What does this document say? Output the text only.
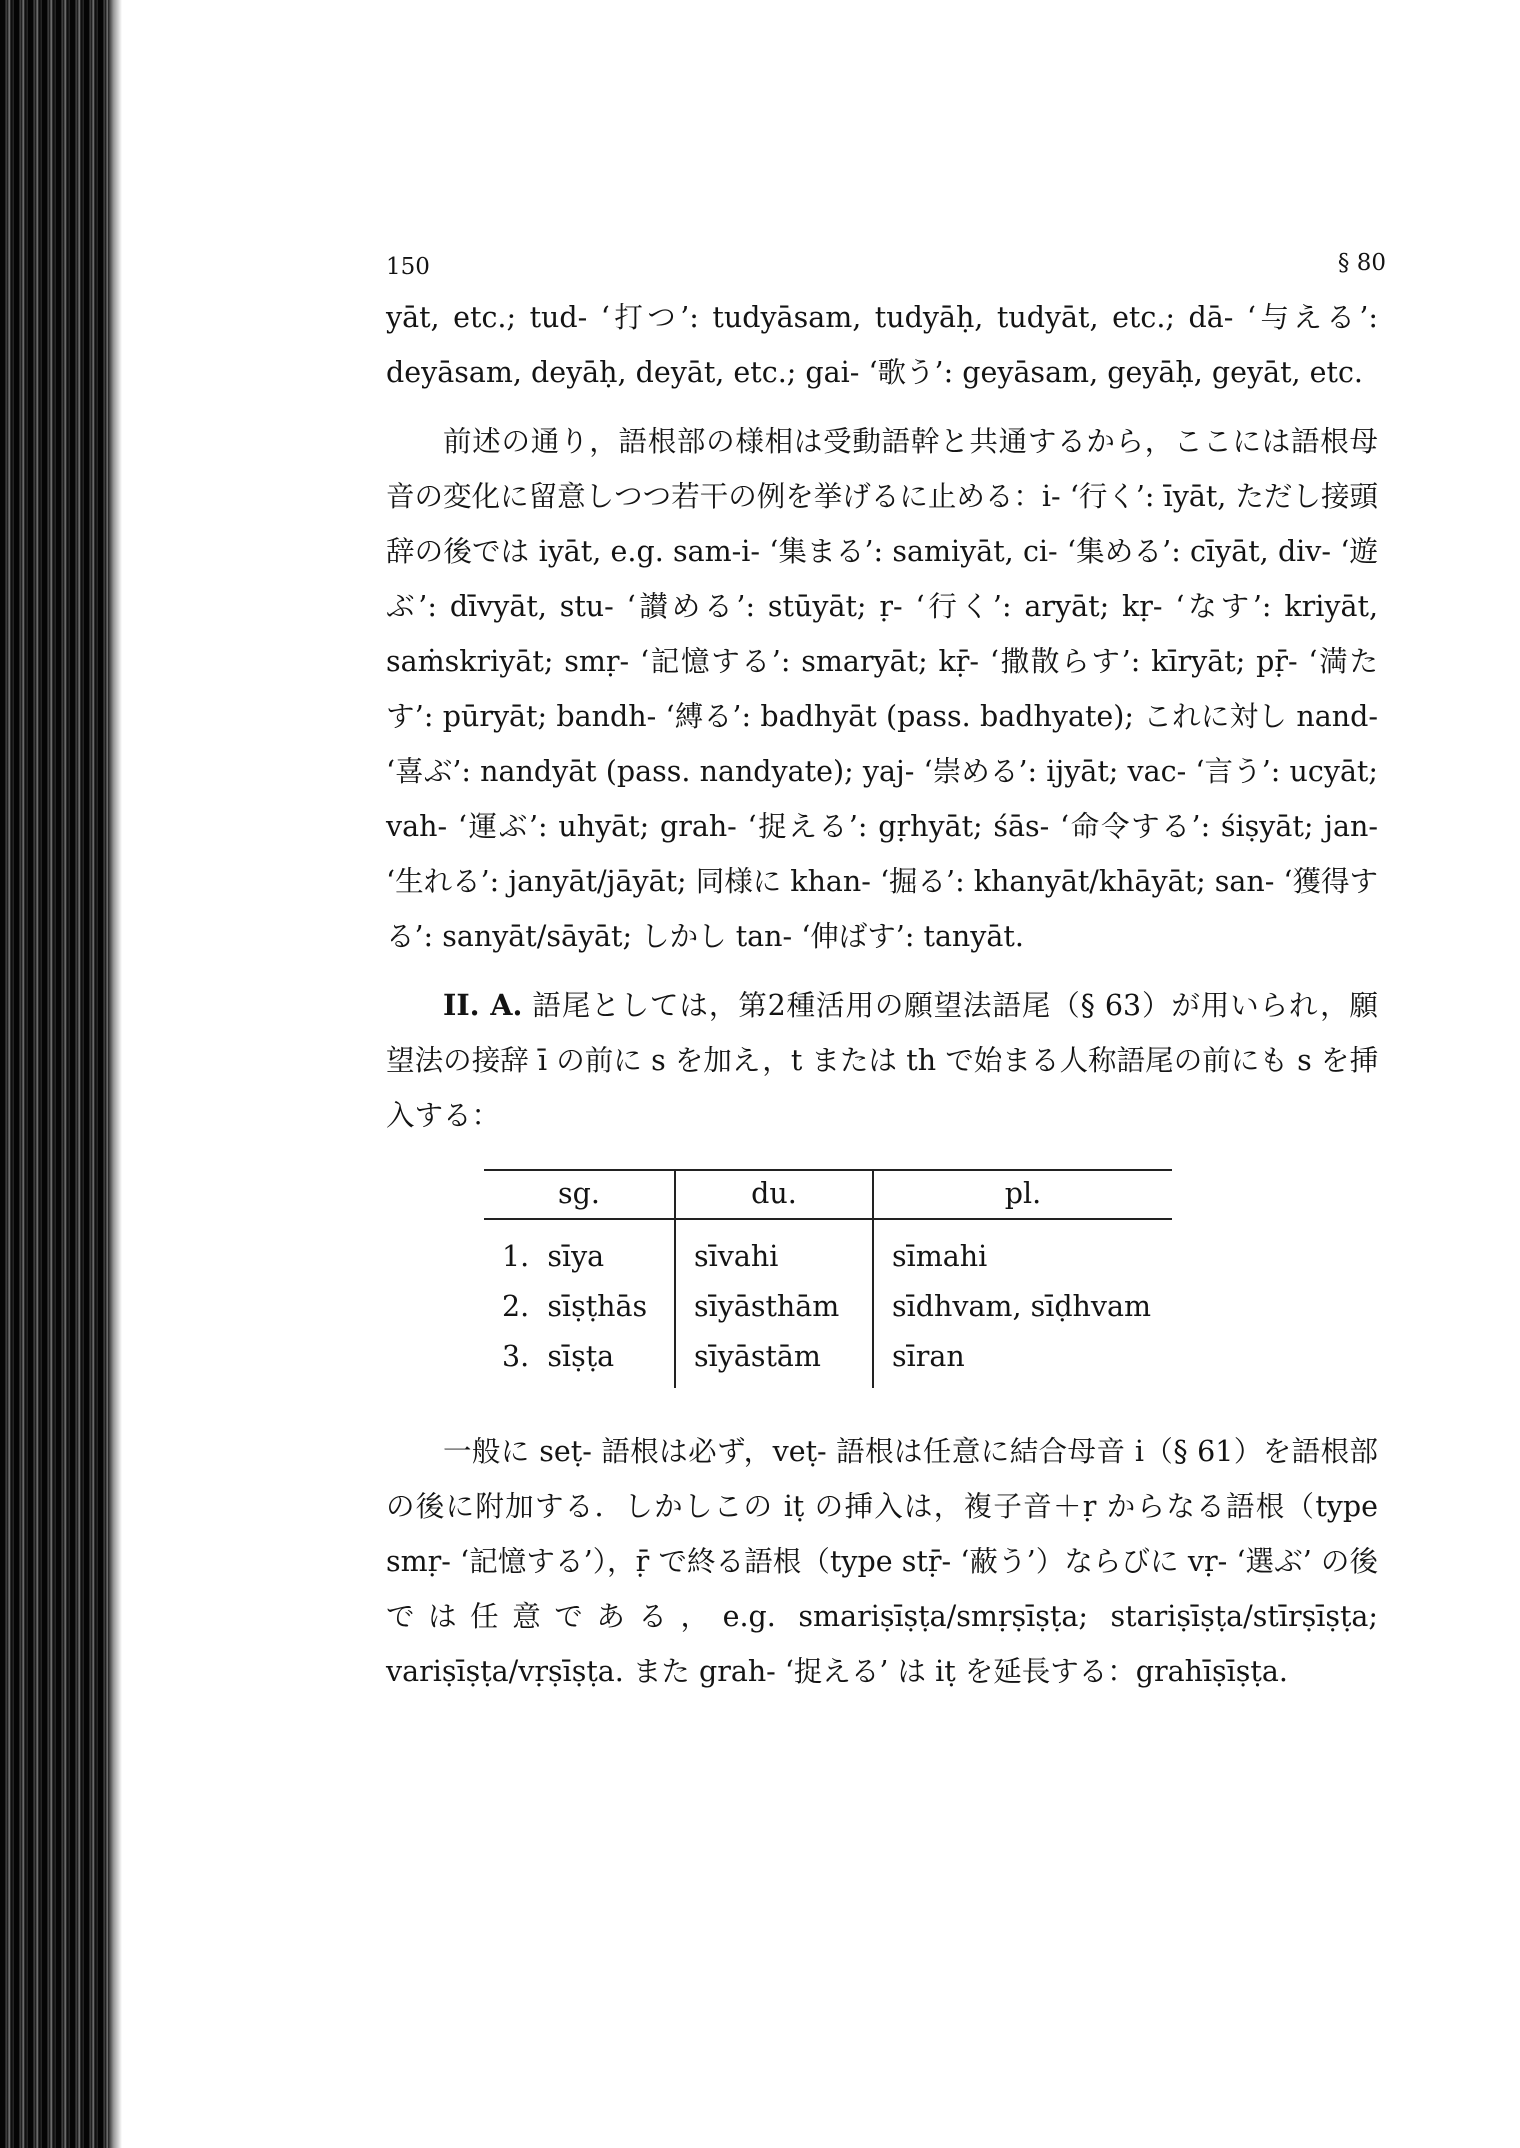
150	§ 80

yāt, etc.; tud- ‘打つ’: tudyāsam, tudyāḥ, tudyāt, etc.; dā- ‘与える’: deyāsam, deyāḥ, deyāt, etc.; gai- ‘歌う’: geyāsam, geyāḥ, geyāt, etc.

前述の通り，語根部の様相は受動語幹と共通するから，ここには語根母音の変化に留意しつつ若干の例を挙げるに止める：i- ‘行く’: īyāt, ただし接頭辞の後では iyāt, e.g. sam-i- ‘集まる’: samiyāt, ci- ‘集める’: cīyāt, div- ‘遊ぶ’: dīvyāt, stu- ‘讃める’: stūyāt; ṛ- ‘行く’: aryāt; kṛ- ‘なす’: kriyāt, saṁskriyāt; smṛ- ‘記憶する’: smaryāt; kṝ- ‘撒散らす’: kīryāt; pṝ- ‘満たす’: pūryāt; bandh- ‘縛る’: badhyāt (pass. badhyate); これに対し nand- ‘喜ぶ’: nandyāt (pass. nandyate); yaj- ‘崇める’: ijyāt; vac- ‘言う’: ucyāt; vah- ‘運ぶ’: uhyāt; grah- ‘捉える’: gṛhyāt; śās- ‘命令する’: śiṣyāt; jan- ‘生れる’: janyāt/jāyāt; 同様に khan- ‘掘る’: khanyāt/khāyāt; san- ‘獲得する’: sanyāt/sāyāt; しかし tan- ‘伸ばす’: tanyāt.

II. A. 語尾としては，第2種活用の願望法語尾（§ 63）が用いられ，願望法の接辞 ī の前に s を加え，t または th で始まる人称語尾の前にも s を挿入する：

sg.	du.	pl.
1. sīya	sīvahi	sīmahi
2. sīṣṭhās	sīyāsthām	sīdhvam, sīḍhvam
3. sīṣṭa	sīyāstām	sīran

一般に seṭ- 語根は必ず，veṭ- 語根は任意に結合母音 i（§ 61）を語根部の後に附加する．しかしこの iṭ の挿入は，複子音＋ṛ からなる語根（type smṛ- ‘記憶する’），ṝ で終る語根（type stṝ- ‘蔽う’）ならびに vṛ- ‘選ぶ’ の後では任意である，e.g. smariṣīṣṭa/smṛṣīṣṭa; stariṣīṣṭa/stīrṣīṣṭa; variṣīṣṭa/vṛṣīṣṭa. また grah- ‘捉える’ は iṭ を延長する：grahīṣīṣṭa.
